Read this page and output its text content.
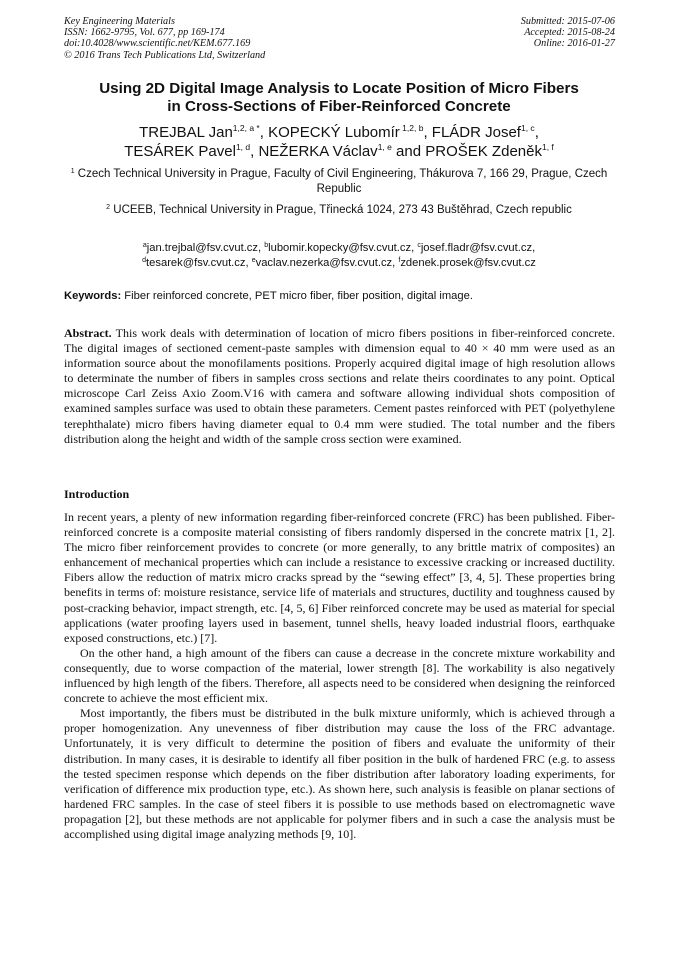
Key Engineering Materials
ISSN: 1662-9795, Vol. 677, pp 169-174
doi:10.4028/www.scientific.net/KEM.677.169
© 2016 Trans Tech Publications Ltd, Switzerland
Submitted: 2015-07-06
Accepted: 2015-08-24
Online: 2016-01-27
Using 2D Digital Image Analysis to Locate Position of Micro Fibers
in Cross-Sections of Fiber-Reinforced Concrete
TREJBAL Jan$^{1,2, a *}$, KOPECKÝ Lubomír $^{1,2, b}$, FLÁDR Josef$^{1, c}$,
TESÁREK Pavel$^{1, d}$, NEŽERKA Václav$^{1, e}$ and PROŠEK Zdeněk$^{1, f}$
$^1$ Czech Technical University in Prague, Faculty of Civil Engineering, Thákurova 7, 166 29, Prague, Czech Republic
$^2$ UCEEB, Technical University in Prague, Třinecká 1024, 273 43 Buštěhrad, Czech republic
$^a$jan.trejbal@fsv.cvut.cz, $^b$lubomir.kopecky@fsv.cvut.cz, $^c$josef.fladr@fsv.cvut.cz,
$^d$tesarek@fsv.cvut.cz, $^e$vaclav.nezerka@fsv.cvut.cz, $^f$zdenek.prosek@fsv.cvut.cz
Keywords: Fiber reinforced concrete, PET micro fiber, fiber position, digital image.
Abstract. This work deals with determination of location of micro fibers positions in fiber-reinforced concrete. The digital images of sectioned cement-paste samples with dimension equal to 40 × 40 mm were used as an information source about the monofilaments positions. Properly acquired digital image of high resolution allows to determinate the number of fibers in samples cross sections and relate theirs coordinates to any point. Optical microscope Carl Zeiss Axio Zoom.V16 with camera and software allowing individual shots composition of examined samples surface was used to obtain these parameters. Cement pastes reinforced with PET (polyethylene terephthalate) micro fibers having diameter equal to 0.4 mm were studied. The total number and the fibers distribution along the height and width of the sample cross section were examined.
Introduction

In recent years, a plenty of new information regarding fiber-reinforced concrete (FRC) has been published. Fiber-reinforced concrete is a composite material consisting of fibers randomly dispersed in the concrete matrix [1, 2]. The micro fiber reinforcement provides to concrete (or more generally, to any brittle matrix of composites) an enhancement of mechanical properties which can include a resistance to excessive cracking or increased ductility. Fibers allow the reduction of matrix micro cracks spread by the “sewing effect” [3, 4, 5]. These properties bring benefits in terms of: moisture resistance, service life of materials and structures, ductility and toughness caused by post-cracking behavior, impact strength, etc. [4, 5, 6] Fiber reinforced concrete may be used as material for special applications (water proofing layers used in basement, tunnel shells, heavy loaded industrial floors, earthquake exposed constructions, etc.) [7].

On the other hand, a high amount of the fibers can cause a decrease in the concrete mixture workability and consequently, due to worse compaction of the material, lower strength [8]. The workability is also negatively influenced by high length of the fibers. Therefore, all aspects need to be considered when designing the reinforced concrete to achieve the most efficient mix.

Most importantly, the fibers must be distributed in the bulk mixture uniformly, which is achieved through a proper homogenization. Any unevenness of fiber distribution may cause the loss of the FRC advantage. Unfortunately, it is very difficult to determine the position of fibers and evaluate the uniformity of their distribution. In many cases, it is desirable to identify all fiber position in the bulk of hardened FRC (e.g. to assess the tested specimen response which depends on the fiber distribution after laboratory loading experiments, for verification of difference mix production type, etc.). As shown here, such analysis is feasible on planar sections of hardened FRC samples. In the case of steel fibers it is possible to use methods based on electromagnetic wave propagation [2], but these methods are not applicable for polymer fibers and in such a case the analysis must be accomplished using digital image analyzing methods [9, 10].
